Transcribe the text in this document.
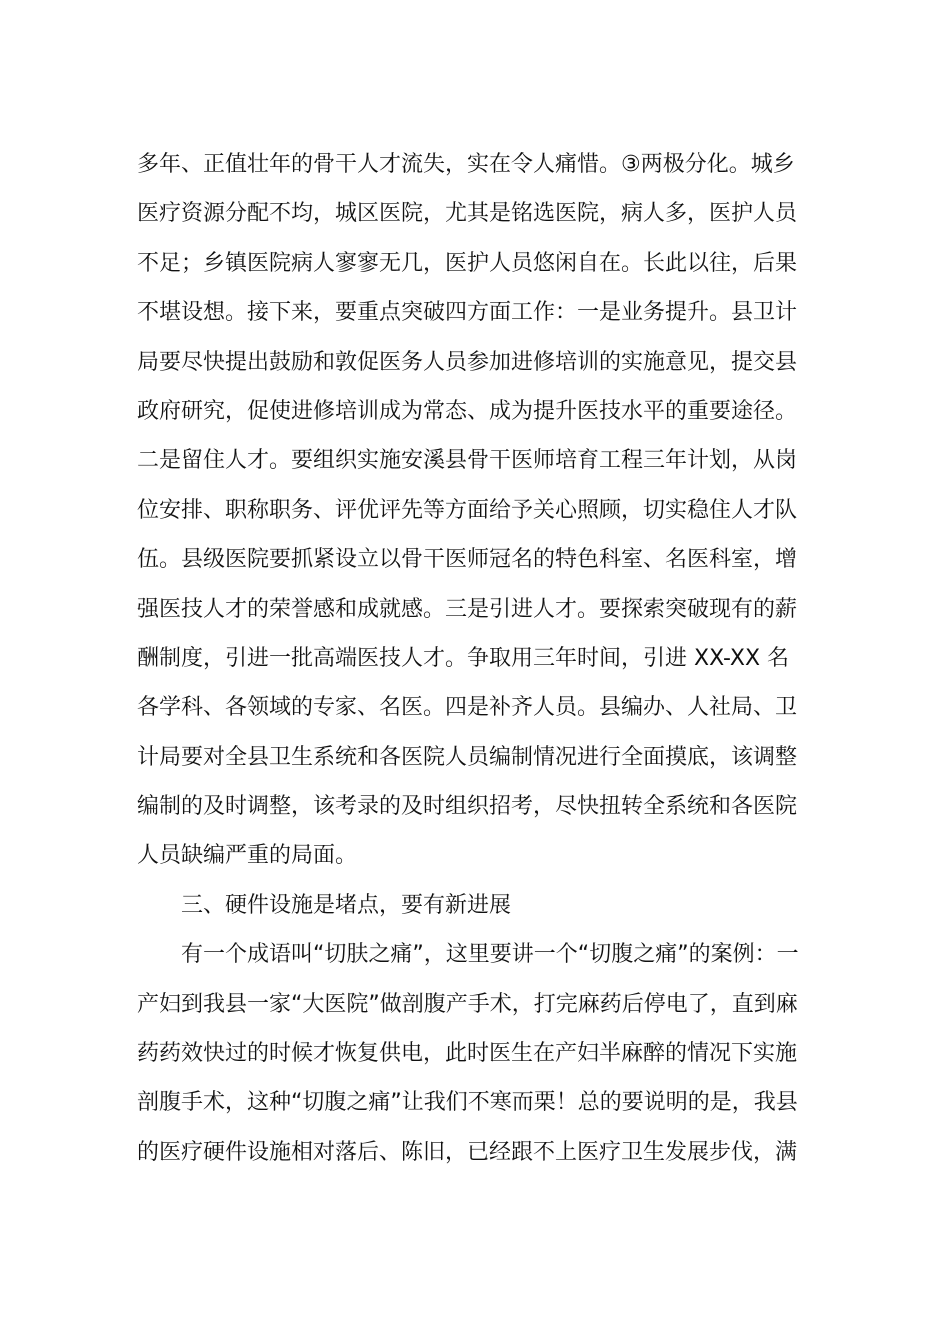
多年、正值壮年的骨干人才流失，实在令人痛惜。③两极分化。城乡
医疗资源分配不均，城区医院，尤其是铭选医院，病人多，医护人员
不足；乡镇医院病人寥寥无几，医护人员悠闲自在。长此以往，后果
不堪设想。接下来，要重点突破四方面工作：一是业务提升。县卫计
局要尽快提出鼓励和敦促医务人员参加进修培训的实施意见，提交县
政府研究，促使进修培训成为常态、成为提升医技水平的重要途径。
二是留住人才。要组织实施安溪县骨干医师培育工程三年计划，从岗
位安排、职称职务、评优评先等方面给予关心照顾，切实稳住人才队
伍。县级医院要抓紧设立以骨干医师冠名的特色科室、名医科室，增
强医技人才的荣誉感和成就感。三是引进人才。要探索突破现有的薪
酬制度，引进一批高端医技人才。争取用三年时间，引进 XX-XX 名
各学科、各领域的专家、名医。四是补齐人员。县编办、人社局、卫
计局要对全县卫生系统和各医院人员编制情况进行全面摸底，该调整
编制的及时调整，该考录的及时组织招考，尽快扭转全系统和各医院
人员缺编严重的局面。
三、硬件设施是堵点，要有新进展
有一个成语叫“切肤之痛”，这里要讲一个“切腹之痛”的案例：一
产妇到我县一家“大医院”做剖腹产手术，打完麻药后停电了，直到麻
药药效快过的时候才恢复供电，此时医生在产妇半麻醉的情况下实施
剖腹手术，这种“切腹之痛”让我们不寒而栗！总的要说明的是，我县
的医疗硬件设施相对落后、陈旧，已经跟不上医疗卫生发展步伐，满
